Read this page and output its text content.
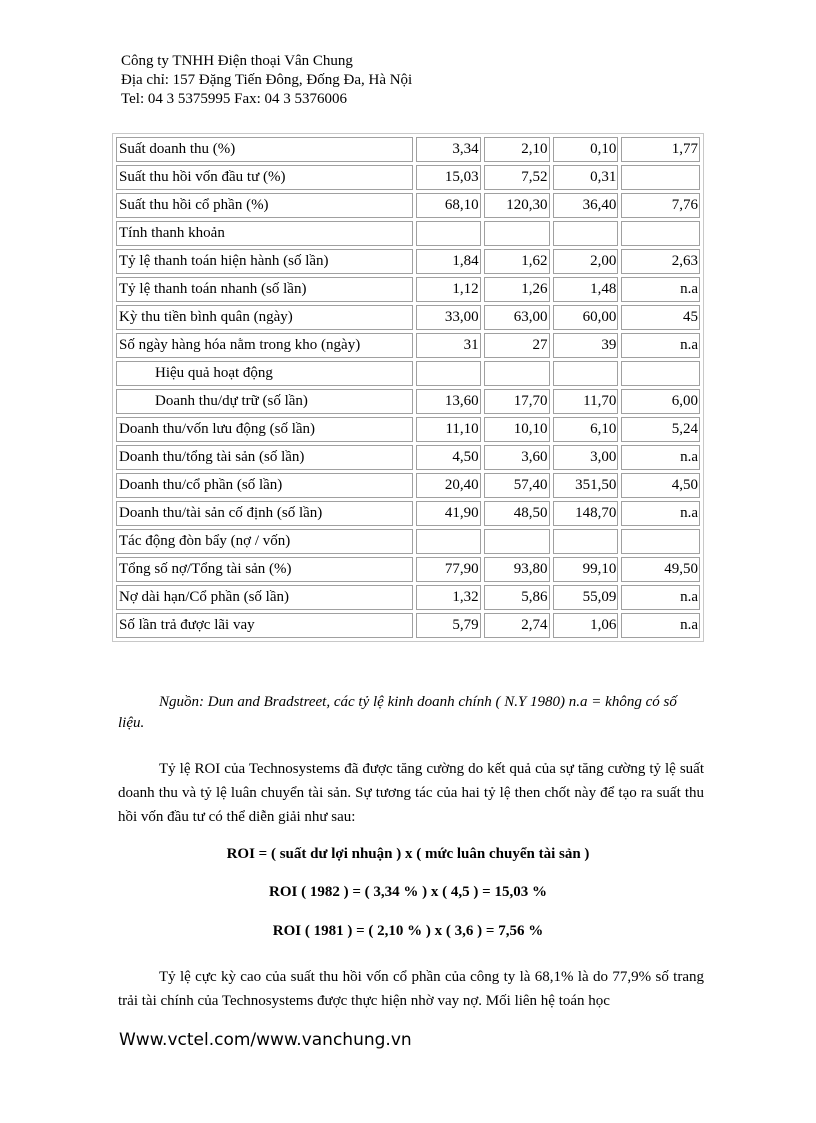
Công ty TNHH Điện thoại Vân Chung
Địa chỉ: 157 Đặng Tiến Đông, Đống Đa, Hà Nội
Tel: 04 3 5375995 Fax: 04 3 5376006
Suất doanh thu (%)	3,34	2,10	0,10	1,77
Suất thu hồi vốn đầu tư (%)	15,03	7,52	0,31	
Suất thu hồi cổ phần (%)	68,10	120,30	36,40	7,76
Tính thanh khoản				
Tỷ lệ thanh toán hiện hành (số lần)	1,84	1,62	2,00	2,63
Tỷ lệ thanh toán nhanh (số lần)	1,12	1,26	1,48	n.a
Kỳ thu tiền bình quân (ngày)	33,00	63,00	60,00	45
Số ngày hàng hóa nằm trong kho (ngày)	31	27	39	n.a
Hiệu quả hoạt động				
Doanh thu/dự trữ (số lần)	13,60	17,70	11,70	6,00
Doanh thu/vốn lưu động (số lần)	11,10	10,10	6,10	5,24
Doanh thu/tổng tài sản (số lần)	4,50	3,60	3,00	n.a
Doanh thu/cổ phần (số lần)	20,40	57,40	351,50	4,50
Doanh thu/tài sản cố định (số lần)	41,90	48,50	148,70	n.a
Tác động đòn bẩy (nợ / vốn)				
Tổng số nợ/Tổng tài sản (%)	77,90	93,80	99,10	49,50
Nợ dài hạn/Cổ phần (số lần)	1,32	5,86	55,09	n.a
Số lần trả được lãi vay	5,79	2,74	1,06	n.a
Nguồn: Dun and Bradstreet, các tỷ lệ kinh doanh chính ( N.Y 1980) n.a = không có số liệu.
Tỷ lệ ROI của Technosystems đã được tăng cường do kết quả của sự tăng cường tỷ lệ suất doanh thu và tỷ lệ luân chuyển tài sản. Sự tương tác của hai tỷ lệ then chốt này để tạo ra suất thu hồi vốn đầu tư có thể diễn giải như sau:
ROI = ( suất dư lợi nhuận ) x ( mức luân chuyển tài sản )
ROI ( 1982 ) = ( 3,34 % ) x ( 4,5 ) = 15,03 %
ROI ( 1981 ) = ( 2,10 % ) x ( 3,6 ) = 7,56 %
Tỷ lệ cực kỳ cao của suất thu hồi vốn cổ phần của công ty là 68,1% là do 77,9% số trang trải tài chính của Technosystems được thực hiện nhờ vay nợ. Mối liên hệ toán học
Www.vctel.com/www.vanchung.vn
